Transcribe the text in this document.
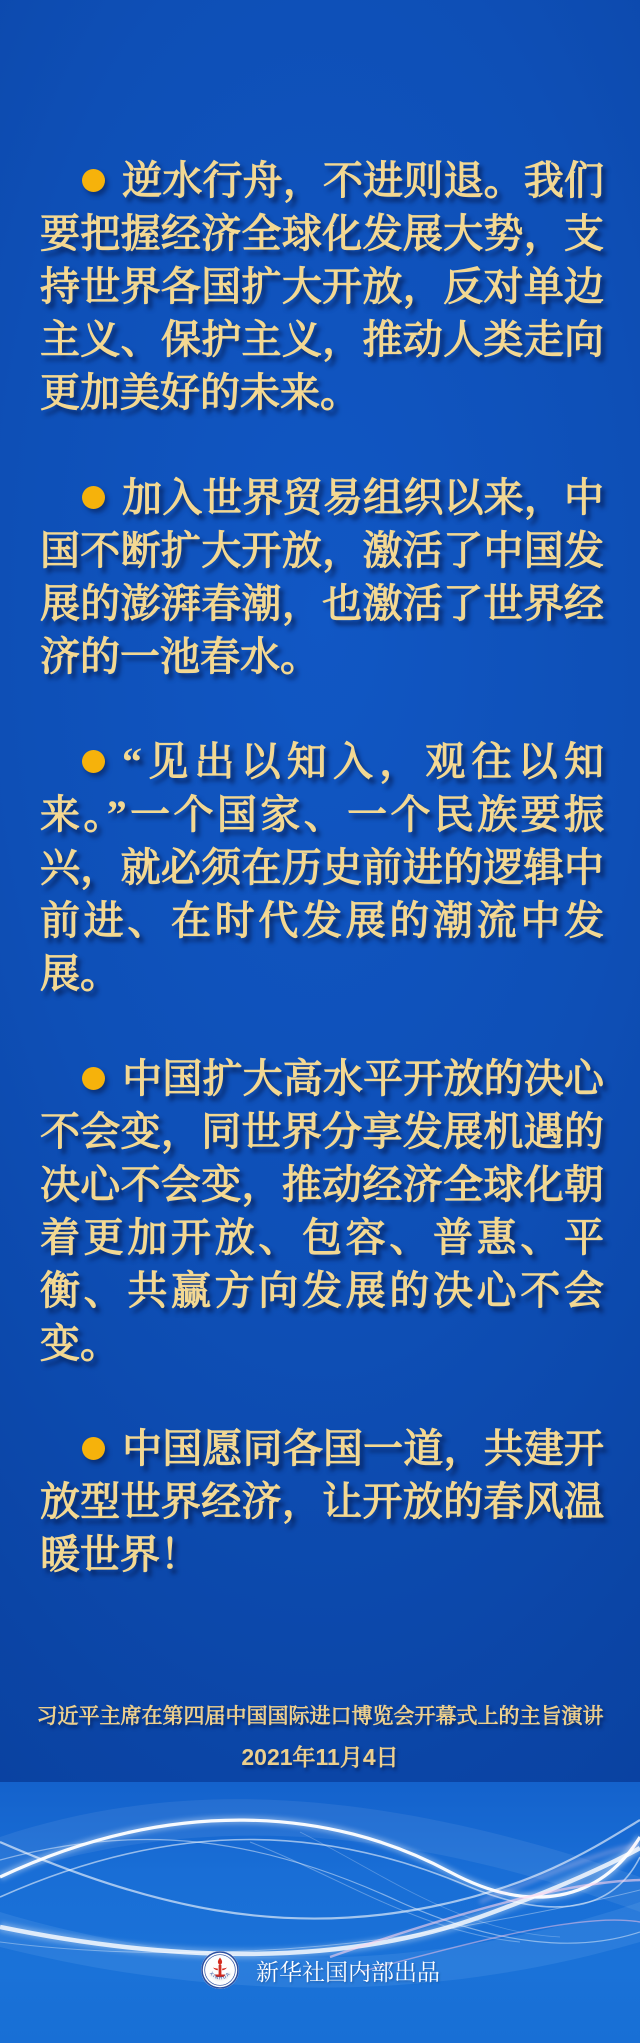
逆水行舟，不进则退。我们要把握经济全球化发展大势，支持世界各国扩大开放，反对单边主义、保护主义，推动人类走向更加美好的未来。

加入世界贸易组织以来，中国不断扩大开放，激活了中国发展的澎湃春潮，也激活了世界经济的一池春水。

“见出以知入，观往以知来。”一个国家、一个民族要振兴，就必须在历史前进的逻辑中前进、在时代发展的潮流中发展。

中国扩大高水平开放的决心不会变，同世界分享发展机遇的决心不会变，推动经济全球化朝着更加开放、包容、普惠、平衡、共赢方向发展的决心不会变。

中国愿同各国一道，共建开放型世界经济，让开放的春风温暖世界！

习近平主席在第四届中国国际进口博览会开幕式上的主旨演讲
2021年11月4日
XINHUA 新华社国内部出品
